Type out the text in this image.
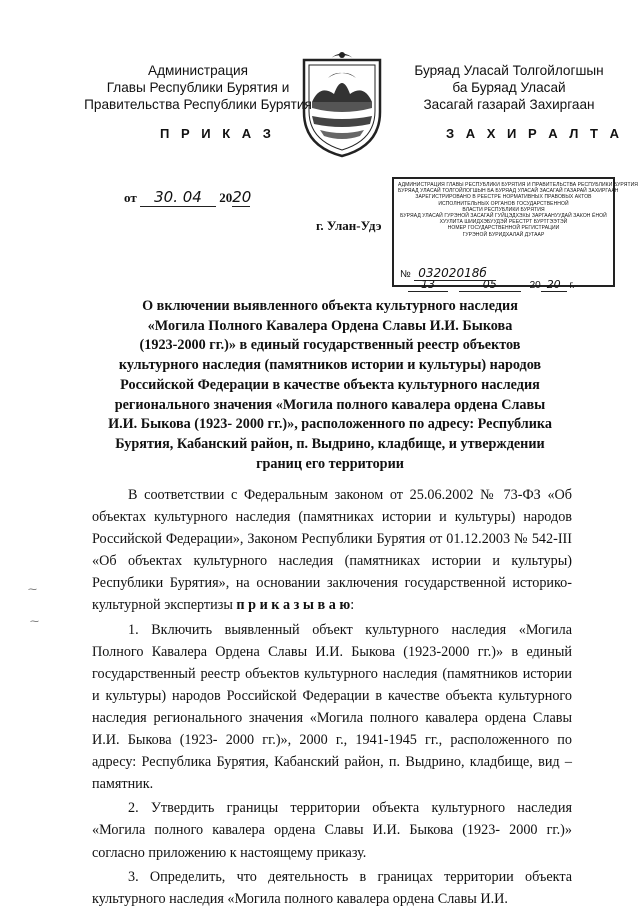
Администрация
Главы Республики Бурятия и
Правительства Республики Бурятия
Буряад Уласай Толгойлогшын
ба Буряад Уласай
Засагай газарай Захиргаан
П Р И К А З	З А Х И Р А Л Т А
от 30. 04 2020
г. Улан-Удэ
АДМИНИСТРАЦИЯ ГЛАВЫ РЕСПУБЛИКИ БУРЯТИЯ И ПРАВИТЕЛЬСТВА РЕСПУБЛИКИ БУРЯТИЯ
БУРЯАД УЛАСАЙ ТОЛГОЙЛОГШЫН БА БУРЯАД УЛАСАЙ ЗАСАГАЙ ГАЗАРАЙ ЗАХИРГААН
ЗАРЕГИСТРИРОВАНО В РЕЕСТРЕ НОРМАТИВНЫХ ПРАВОВЫХ АКТОВ
ИСПОЛНИТЕЛЬНЫХ ОРГАНОВ ГОСУДАРСТВЕННОЙ
ВЛАСТИ РЕСПУБЛИКИ БУРЯТИЯ
БУРЯАД УЛАСАЙ ГУРЭНОЙ ЗАСАГАЙ ГУЙЦЭДХЭХЫ ЗАРГААНУУДАЙ ЗАКОН ЁНОЙ
ХУУЛИТА ШИИДХЭБУУДЭЙ РЕЕСТРТ БУРТГЭЭТЭЙ
НОМЕР ГОСУДАРСТВЕННОЙ РЕГИСТРАЦИИ
ГУРЭНОЙ БУРИДХАЛАЙ ДУГААР
№ 03202018б
13	05	20 20 г.
О включении выявленного объекта культурного наследия
«Могила Полного Кавалера Ордена Славы И.И. Быкова
(1923-2000 гг.)» в единый государственный реестр объектов
культурного наследия (памятников истории и культуры) народов
Российской Федерации в качестве объекта культурного наследия
регионального значения «Могила полного кавалера ордена Славы
И.И. Быкова (1923- 2000 гг.)», расположенного по адресу: Республика
Бурятия, Кабанский район, п. Выдрино, кладбище, и утверждении
границ его территории
⁓
⁓

В соответствии с Федеральным законом от 25.06.2002 № 73-ФЗ «Об объектах культурного наследия (памятниках истории и культуры) народов Российской Федерации», Законом Республики Бурятия от 01.12.2003 № 542-III «Об объектах культурного наследия (памятниках истории и культуры) Республики Бурятия», на основании заключения государственной историко-культурной экспертизы п р и к а з ы в а ю:

1. Включить выявленный объект культурного наследия «Могила Полного Кавалера Ордена Славы И.И. Быкова (1923-2000 гг.)» в единый государственный реестр объектов культурного наследия (памятников истории и культуры) народов Российской Федерации в качестве объекта культурного наследия регионального значения «Могила полного кавалера ордена Славы И.И. Быкова (1923- 2000 гг.)», 2000 г., 1941-1945 гг., расположенного по адресу: Республика Бурятия, Кабанский район, п. Выдрино, кладбище, вид – памятник.

2. Утвердить границы территории объекта культурного наследия «Могила полного кавалера ордена Славы И.И. Быкова (1923- 2000 гг.)» согласно приложению к настоящему приказу.

3. Определить, что деятельность в границах территории объекта культурного наследия «Могила полного кавалера ордена Славы И.И.
